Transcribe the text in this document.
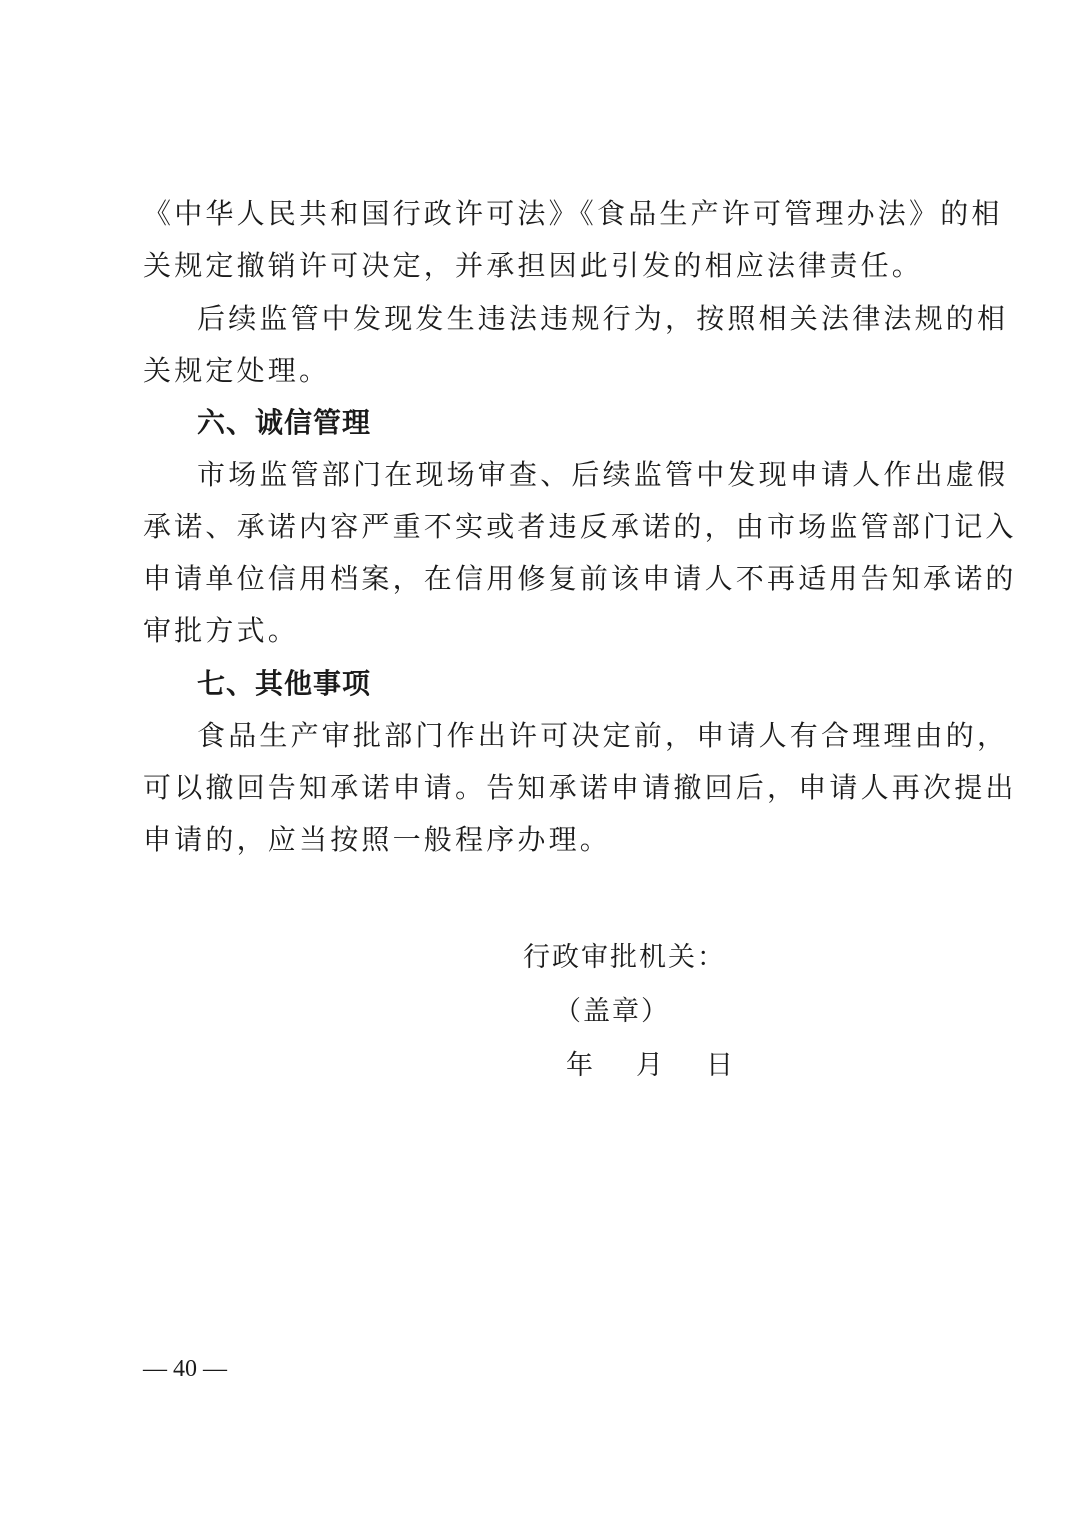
《中华人民共和国行政许可法》《食品生产许可管理办法》的相
关规定撤销许可决定，并承担因此引发的相应法律责任。
后续监管中发现发生违法违规行为，按照相关法律法规的相
关规定处理。
六、诚信管理
市场监管部门在现场审查、后续监管中发现申请人作出虚假
承诺、承诺内容严重不实或者违反承诺的，由市场监管部门记入
申请单位信用档案，在信用修复前该申请人不再适用告知承诺的
审批方式。
七、其他事项
食品生产审批部门作出许可决定前，申请人有合理理由的，
可以撤回告知承诺申请。告知承诺申请撤回后，申请人再次提出
申请的，应当按照一般程序办理。
行政审批机关：
（盖章）
年　月　日
— 40 —
